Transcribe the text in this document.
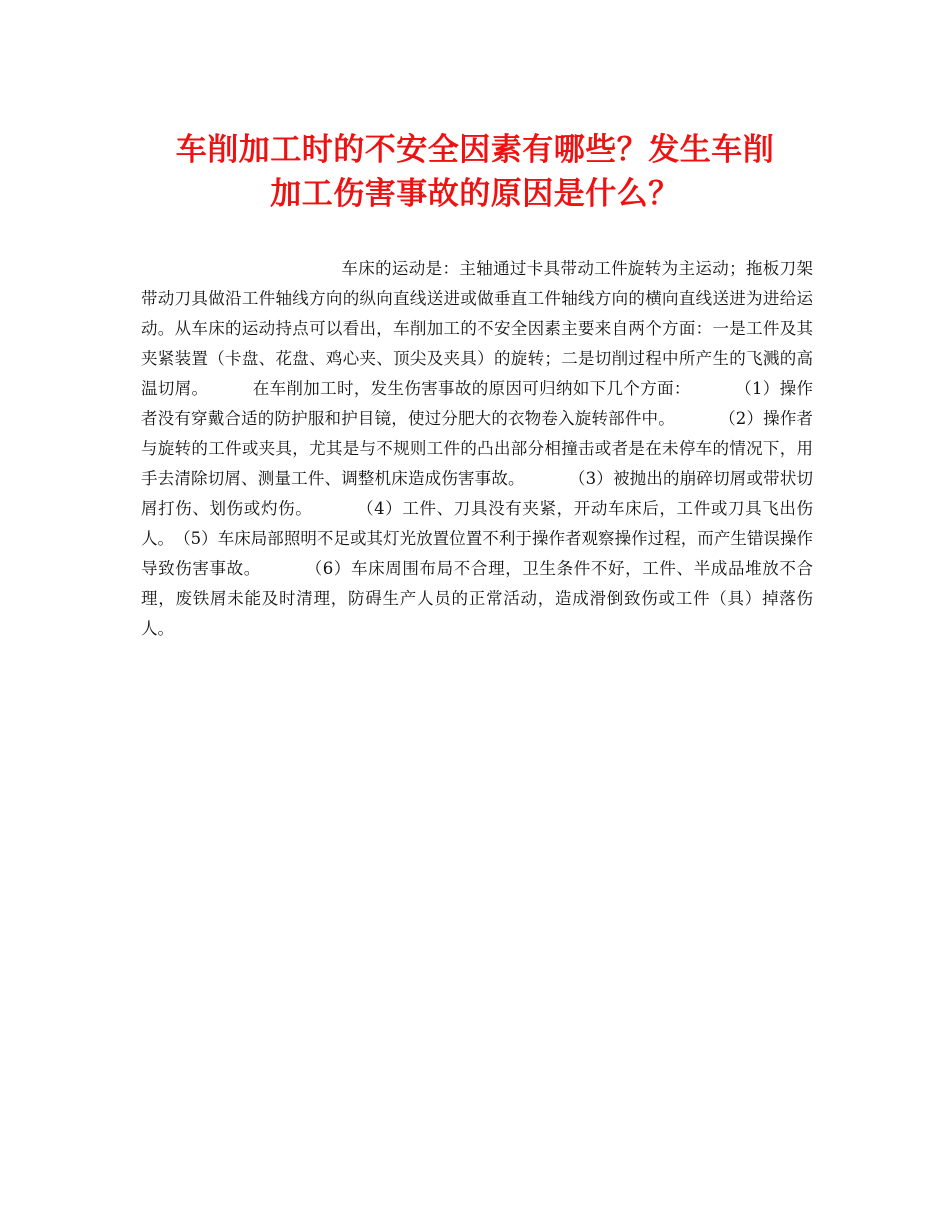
车削加工时的不安全因素有哪些？发生车削
加工伤害事故的原因是什么？

车床的运动是：主轴通过卡具带动工件旋转为主运动；拖板刀架带动刀具做沿工件轴线方向的纵向直线送进或做垂直工件轴线方向的横向直线送进为进给运动。从车床的运动持点可以看出，车削加工的不安全因素主要来自两个方面：一是工件及其夹紧装置（卡盘、花盘、鸡心夹、顶尖及夹具）的旋转；二是切削过程中所产生的飞溅的高温切屑。	在车削加工时，发生伤害事故的原因可归纳如下几个方面：	（1）操作者没有穿戴合适的防护服和护目镜，使过分肥大的衣物卷入旋转部件中。	（2）操作者与旋转的工件或夹具，尤其是与不规则工件的凸出部分相撞击或者是在未停车的情况下，用手去清除切屑、测量工件、调整机床造成伤害事故。	（3）被抛出的崩碎切屑或带状切屑打伤、划伤或灼伤。	（4）工件、刀具没有夹紧，开动车床后，工件或刀具飞出伤人。

（5）车床局部照明不足或其灯光放置位置不利于操作者观察操作过程，而产生错误操作导致伤害事故。	（6）车床周围布局不合理，卫生条件不好，工件、半成品堆放不合理，废铁屑未能及时清理，防碍生产人员的正常活动，造成滑倒致伤或工件（具）掉落伤人。
